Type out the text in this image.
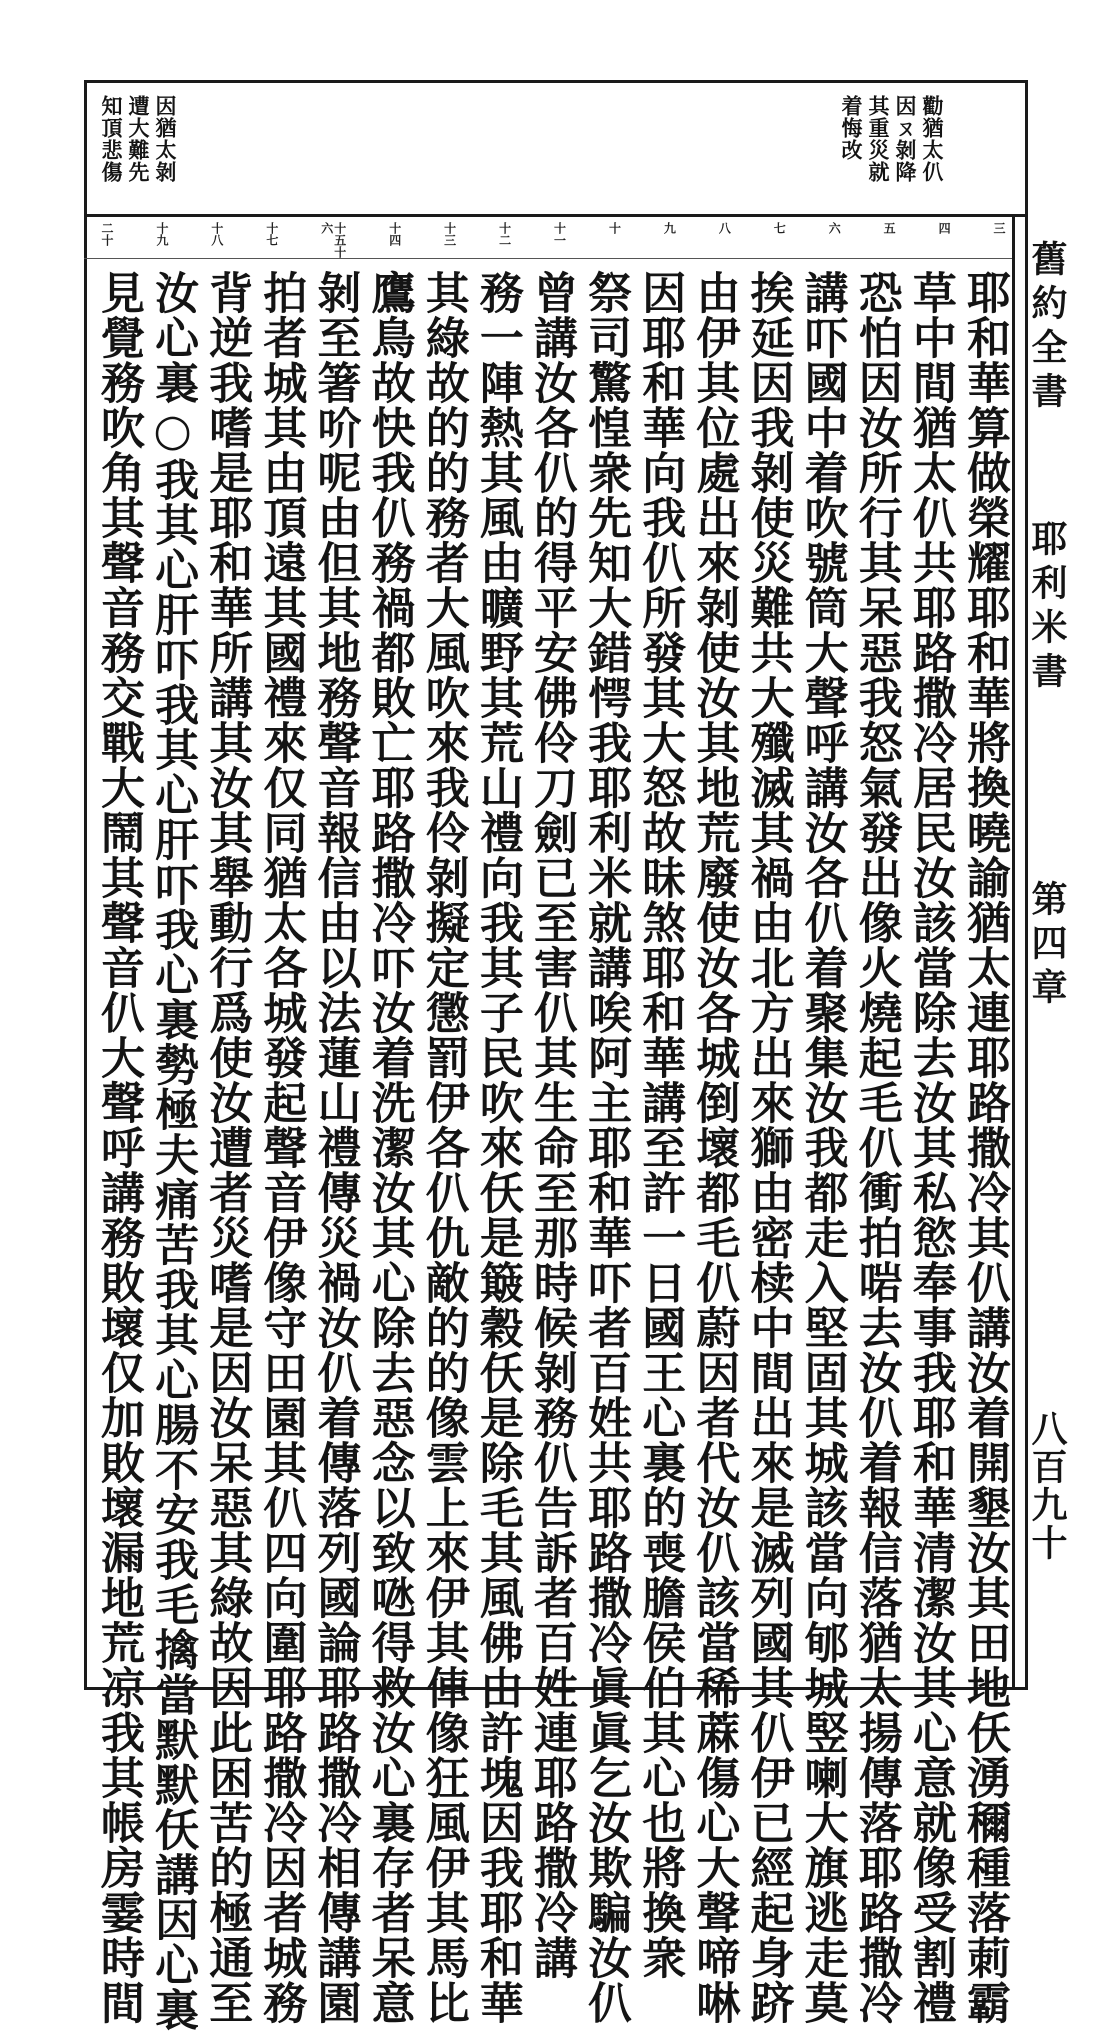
因猶太剝
遭大難先
知頂悲傷	勸猶太仈
因ㄡ剝降
其重災就
着悔改
舊約全書
耶利米書
第四章
八百九十
三
四
五
六
七
八
九
十
十一
十二
十三
十四
十五十六
十七
十八
十九
二十
耶和華算做榮耀耶和華將換曉諭猶太連耶路撒冷其仈講汝着開墾汝其田地仸湧穪種落莿霸
草中間猶太仈共耶路撒冷居民汝該當除去汝其私慾奉事我耶和華清潔汝其心意就像受割禮
恐怕因汝所行其呆惡我怒氣發出像火燒起毛仈衝拍啱去汝仈着報信落猶太揚傳落耶路撒冷
講吓國中着吹號筒大聲呼講汝各仈着聚集汝我都走入堅固其城該當向郇城竪喇大旗逃走莫
挨延因我剝使災難共大殲滅其禍由北方出來獅由密椟中間出來是滅列國其仈伊已經起身跻
由伊其位處出來剝使汝其地荒廢使汝各城倒壞都毛仈蔚因者代汝仈該當稀蔴傷心大聲啼啉
因耶和華向我仈所發其大怒故昧煞耶和華講至許一日國王心裏的喪膽侯伯其心也將換衆
祭司驚惶衆先知大錯愕我耶利米就講唉阿主耶和華吓者百姓共耶路撒冷眞眞乞汝欺騙汝仈
曾講汝各仈的得平安佛伶刀劍已至害仈其生命至那時候剝務仈告訴者百姓連耶路撒冷講
務一陣熱其風由曠野其荒山禮向我其子民吹來仸是簸穀仸是除毛其風佛由許塊因我耶和華
其綠故的的務者大風吹來我伶剝擬定懲罰伊各仈仇敵的的像雲上來伊其俥像狂風伊其馬比
鷹鳥故快我仈務禍都敗亡耶路撒冷吓汝着洗潔汝其心除去惡念以致𠱁得救汝心裏存者呆意
剝至箸吤呢由但其地務聲音報信由以法蓮山禮傳災禍汝仈着傳落列國論耶路撒冷相傳講園
拍者城其由頂遠其國禮來仅同猶太各城發起聲音伊像守田園其仈四向圍耶路撒冷因者城務
背逆我嗜是耶和華所講其汝其舉動行爲使汝遭者災嗜是因汝呆惡其綠故因此困苦的極通至
汝心裏○我其心肝吓我其心肝吓我心裏勢極夫痛苦我其心腸不安我毛擒當默默仸講因心裏
見覺務吹角其聲音務交戰大鬧其聲音仈大聲呼講務敗壞仅加敗壞漏地荒凉我其帳房霎時間
